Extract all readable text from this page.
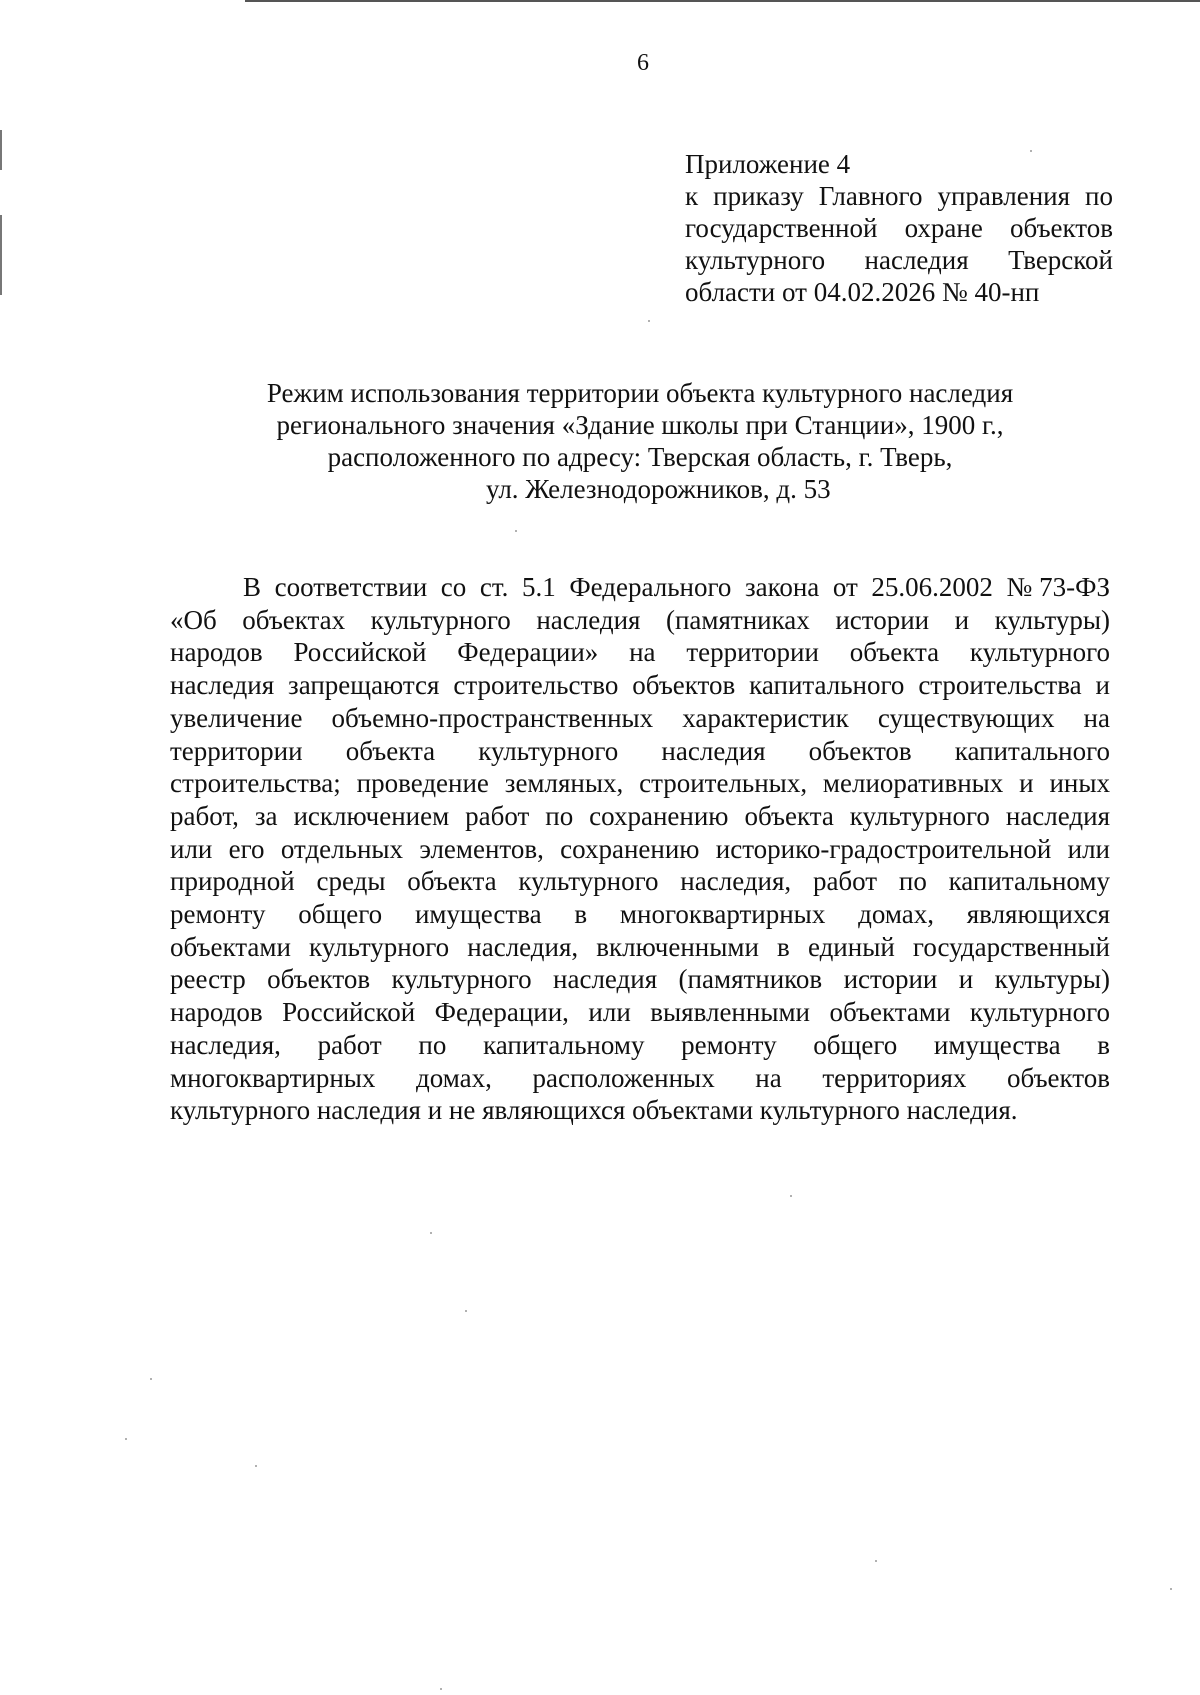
6
Приложение 4
к приказу Главного управления по
государственной охране объектов
культурного наследия Тверской
области от 04.02.2026 № 40-нп
Режим использования территории объекта культурного наследия
регионального значения «Здание школы при Станции», 1900 г.,
расположенного по адресу: Тверская область, г. Тверь,
ул. Железнодорожников, д. 53
В соответствии со ст. 5.1 Федерального закона от 25.06.2002 №73-ФЗ
«Об объектах культурного наследия (памятниках истории и культуры)
народов Российской Федерации» на территории объекта культурного
наследия запрещаются строительство объектов капитального строительства и
увеличение объемно-пространственных характеристик существующих на
территории объекта культурного наследия объектов капитального
строительства; проведение земляных, строительных, мелиоративных и иных
работ, за исключением работ по сохранению объекта культурного наследия
или его отдельных элементов, сохранению историко-градостроительной или
природной среды объекта культурного наследия, работ по капитальному
ремонту общего имущества в многоквартирных домах, являющихся
объектами культурного наследия, включенными в единый государственный
реестр объектов культурного наследия (памятников истории и культуры)
народов Российской Федерации, или выявленными объектами культурного
наследия, работ по капитальному ремонту общего имущества в
многоквартирных домах, расположенных на территориях объектов
культурного наследия и не являющихся объектами культурного наследия.
